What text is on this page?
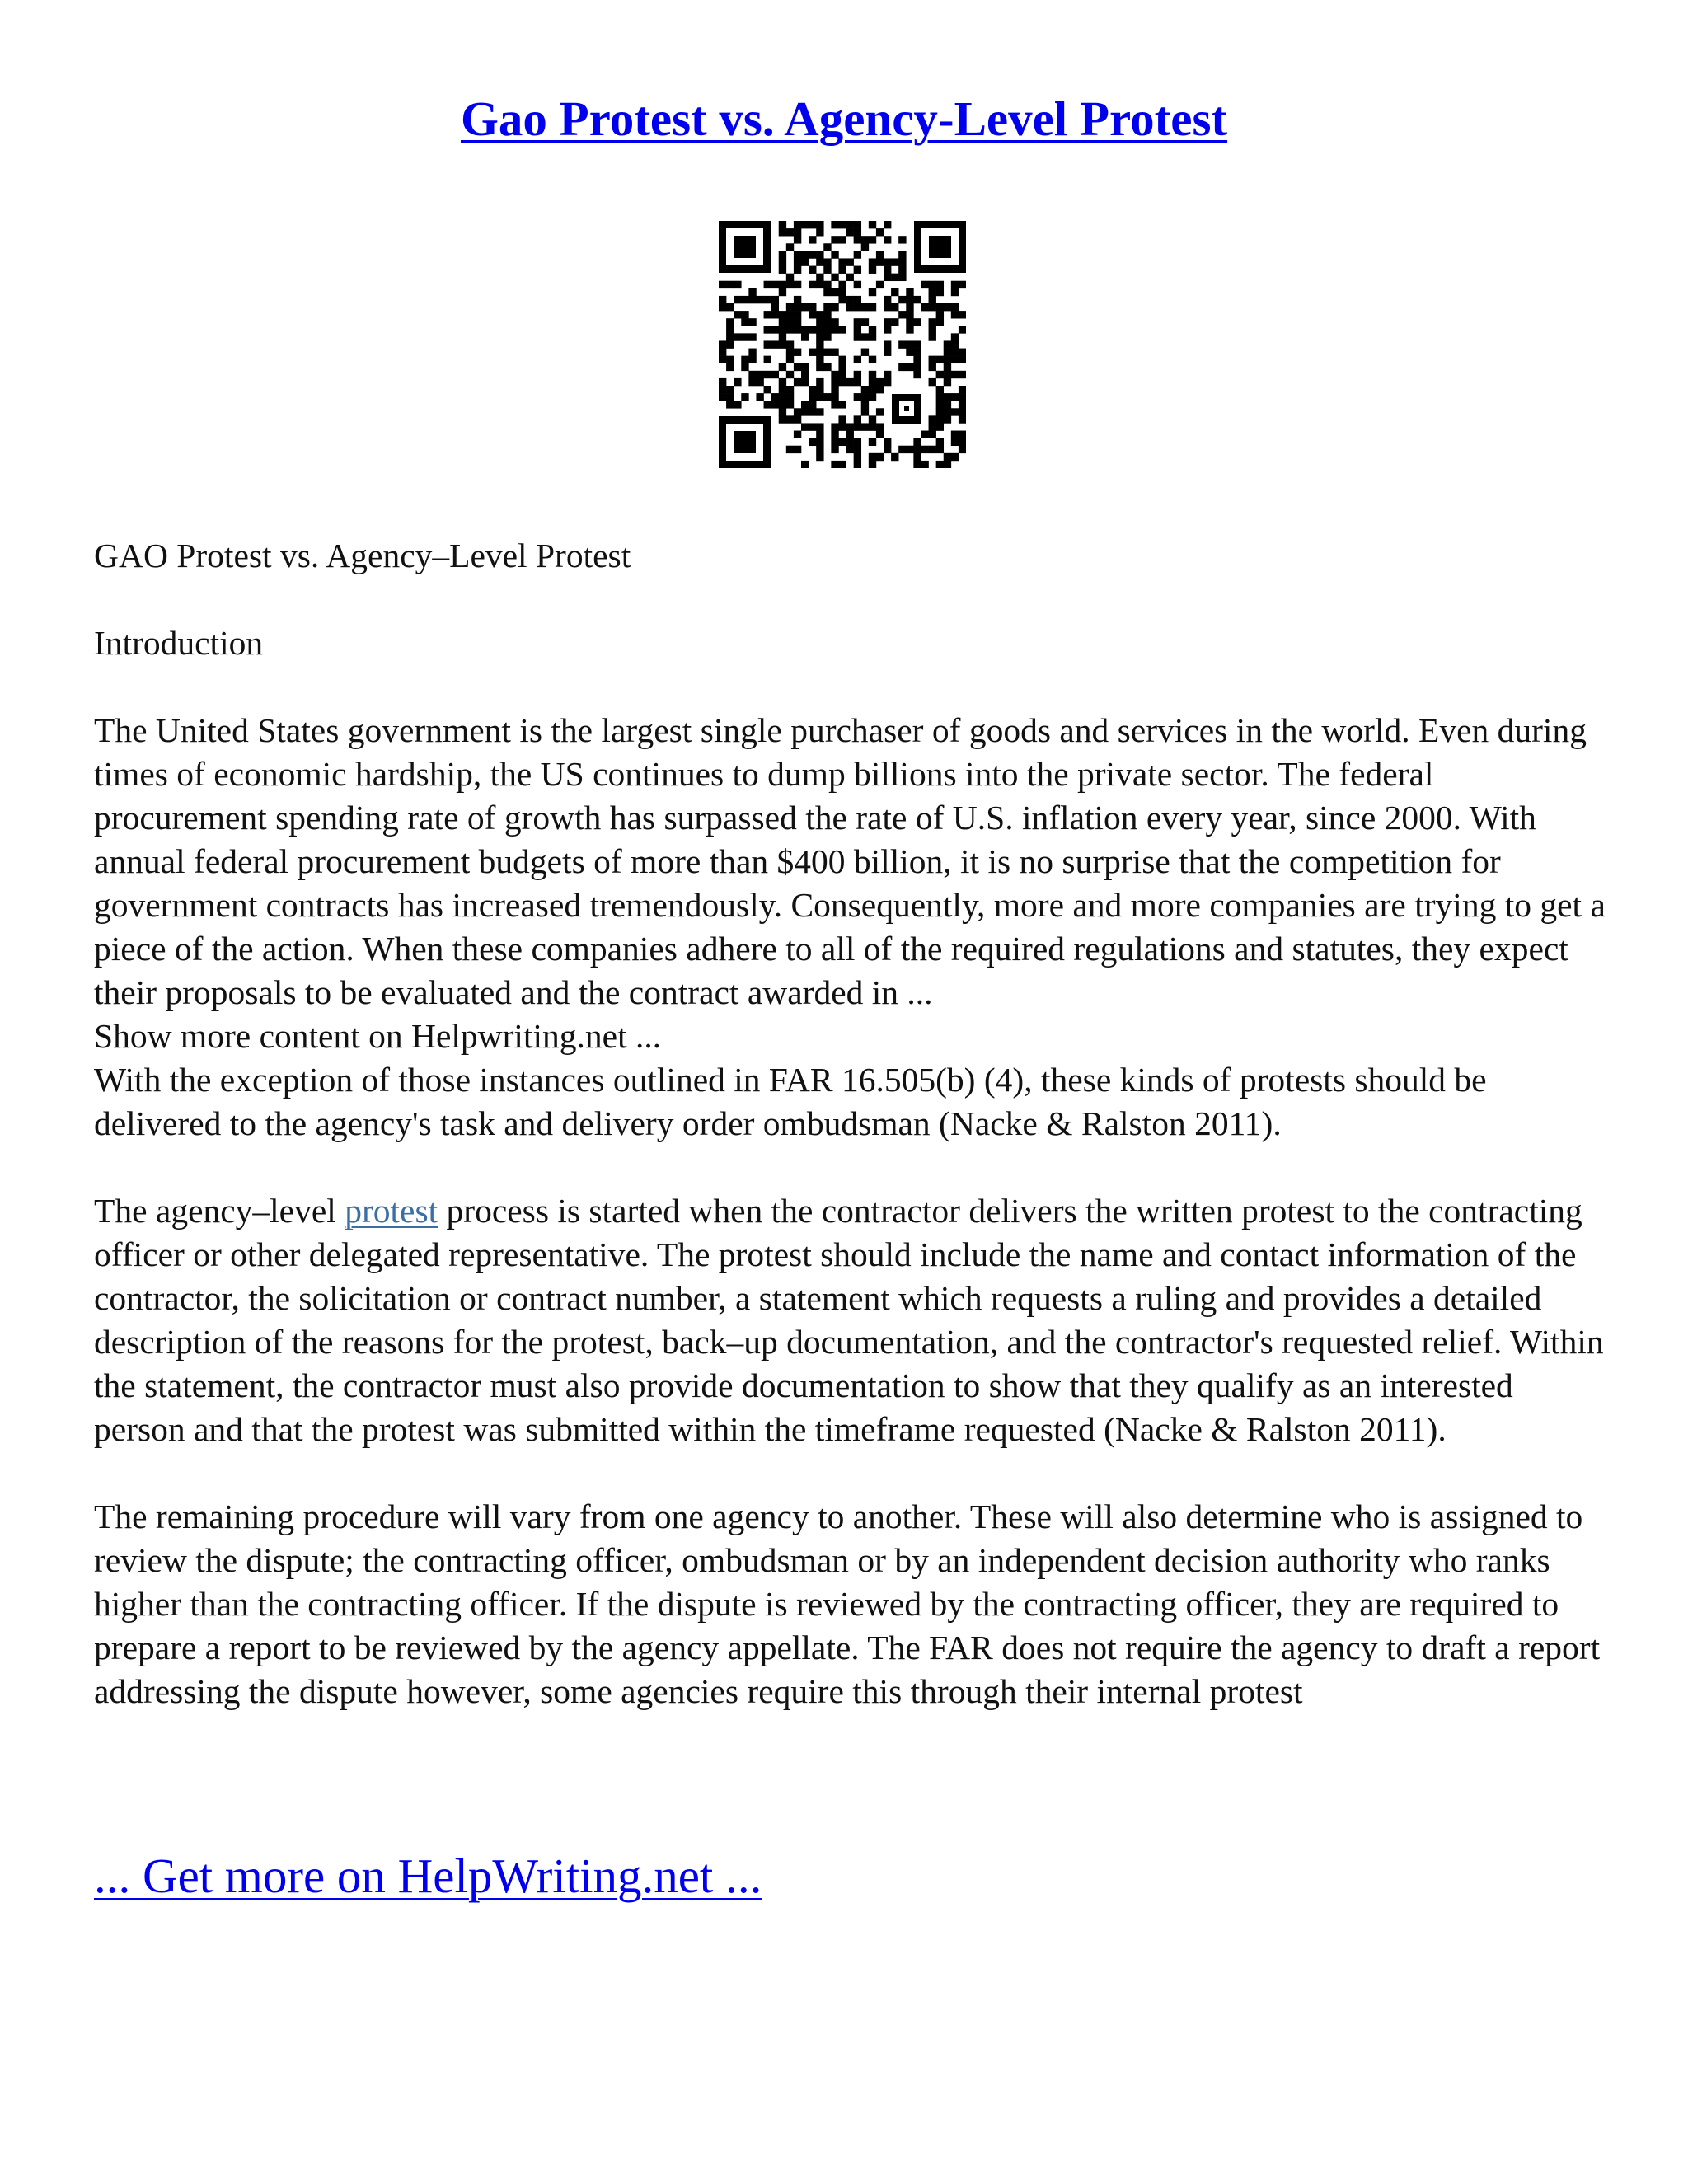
Gao Protest vs. Agency-Level Protest

GAO Protest vs. Agency–Level Protest

Introduction

The United States government is the largest single purchaser of goods and services in the world. Even during times of economic hardship, the US continues to dump billions into the private sector. The federal procurement spending rate of growth has surpassed the rate of U.S. inflation every year, since 2000. With annual federal procurement budgets of more than $400 billion, it is no surprise that the competition for government contracts has increased tremendously. Consequently, more and more companies are trying to get a piece of the action. When these companies adhere to all of the required regulations and statutes, they expect their proposals to be evaluated and the contract awarded in ...

Show more content on Helpwriting.net ...

With the exception of those instances outlined in FAR 16.505(b) (4), these kinds of protests should be delivered to the agency's task and delivery order ombudsman (Nacke & Ralston 2011).

The agency–level protest process is started when the contractor delivers the written protest to the contracting officer or other delegated representative. The protest should include the name and contact information of the contractor, the solicitation or contract number, a statement which requests a ruling and provides a detailed description of the reasons for the protest, back–up documentation, and the contractor's requested relief. Within the statement, the contractor must also provide documentation to show that they qualify as an interested person and that the protest was submitted within the timeframe requested (Nacke & Ralston 2011).

The remaining procedure will vary from one agency to another. These will also determine who is assigned to review the dispute; the contracting officer, ombudsman or by an independent decision authority who ranks higher than the contracting officer. If the dispute is reviewed by the contracting officer, they are required to prepare a report to be reviewed by the agency appellate. The FAR does not require the agency to draft a report addressing the dispute however, some agencies require this through their internal protest

... Get more on HelpWriting.net ...
